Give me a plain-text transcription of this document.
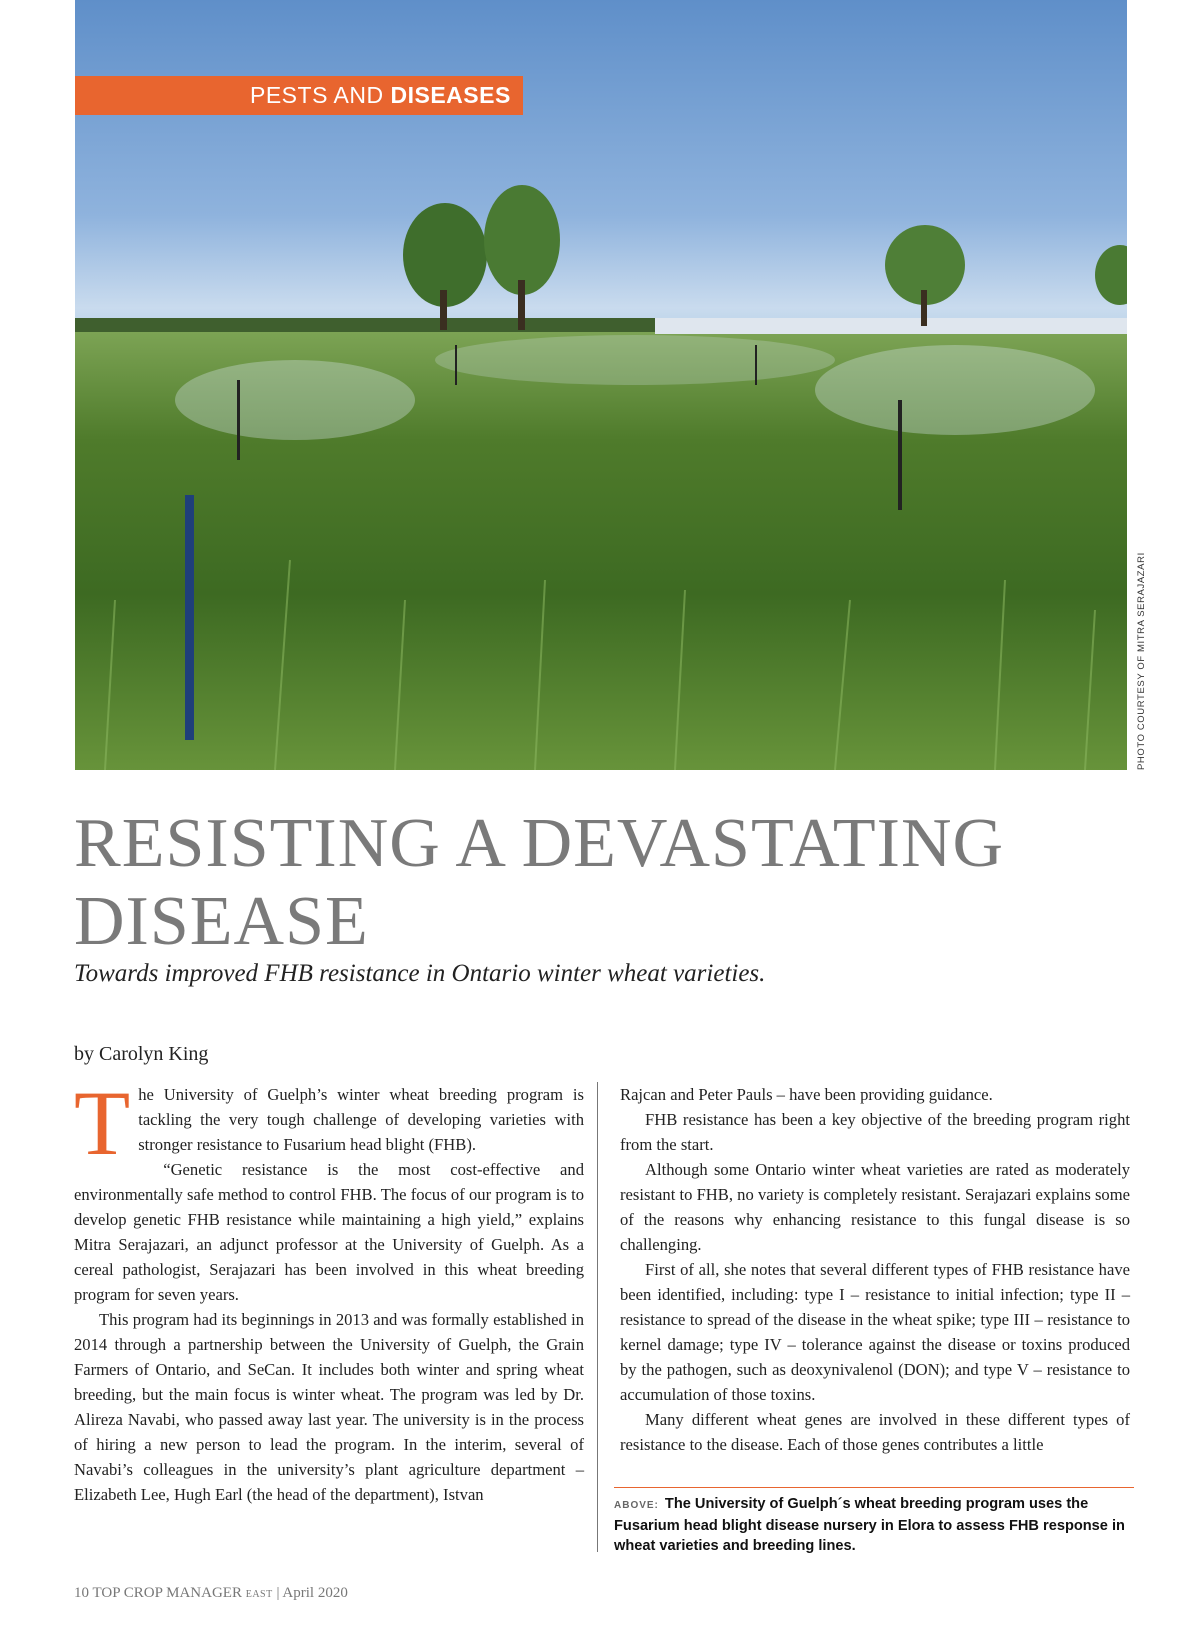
PESTS AND DISEASES
PHOTO COURTESY OF MITRA SERAJAZARI
RESISTING A DEVASTATING DISEASE

Towards improved FHB resistance in Ontario winter wheat varieties.

by Carolyn King

The University of Guelph’s winter wheat breeding program is tackling the very tough challenge of developing varieties with stronger resistance to Fusarium head blight (FHB).

“Genetic resistance is the most cost-effective and environmentally safe method to control FHB. The focus of our program is to develop genetic FHB resistance while maintaining a high yield,” explains Mitra Serajazari, an adjunct professor at the University of Guelph. As a cereal pathologist, Serajazari has been involved in this wheat breeding program for seven years.

This program had its beginnings in 2013 and was formally established in 2014 through a partnership between the University of Guelph, the Grain Farmers of Ontario, and SeCan. It includes both winter and spring wheat breeding, but the main focus is winter wheat. The program was led by Dr. Alireza Navabi, who passed away last year. The university is in the process of hiring a new person to lead the program. In the interim, several of Navabi’s colleagues in the university’s plant agriculture department – Elizabeth Lee, Hugh Earl (the head of the department), Istvan

Rajcan and Peter Pauls – have been providing guidance.

FHB resistance has been a key objective of the breeding program right from the start.

Although some Ontario winter wheat varieties are rated as moderately resistant to FHB, no variety is completely resistant. Serajazari explains some of the reasons why enhancing resistance to this fungal disease is so challenging.

First of all, she notes that several different types of FHB resistance have been identified, including: type I – resistance to initial infection; type II – resistance to spread of the disease in the wheat spike; type III – resistance to kernel damage; type IV – tolerance against the disease or toxins produced by the pathogen, such as deoxynivalenol (DON); and type V – resistance to accumulation of those toxins.

Many different wheat genes are involved in these different types of resistance to the disease. Each of those genes contributes a little

ABOVE: The University of Guelph´s wheat breeding program uses the Fusarium head blight disease nursery in Elora to assess FHB response in wheat varieties and breeding lines.
10 TOP CROP MANAGER EAST | April 2020
